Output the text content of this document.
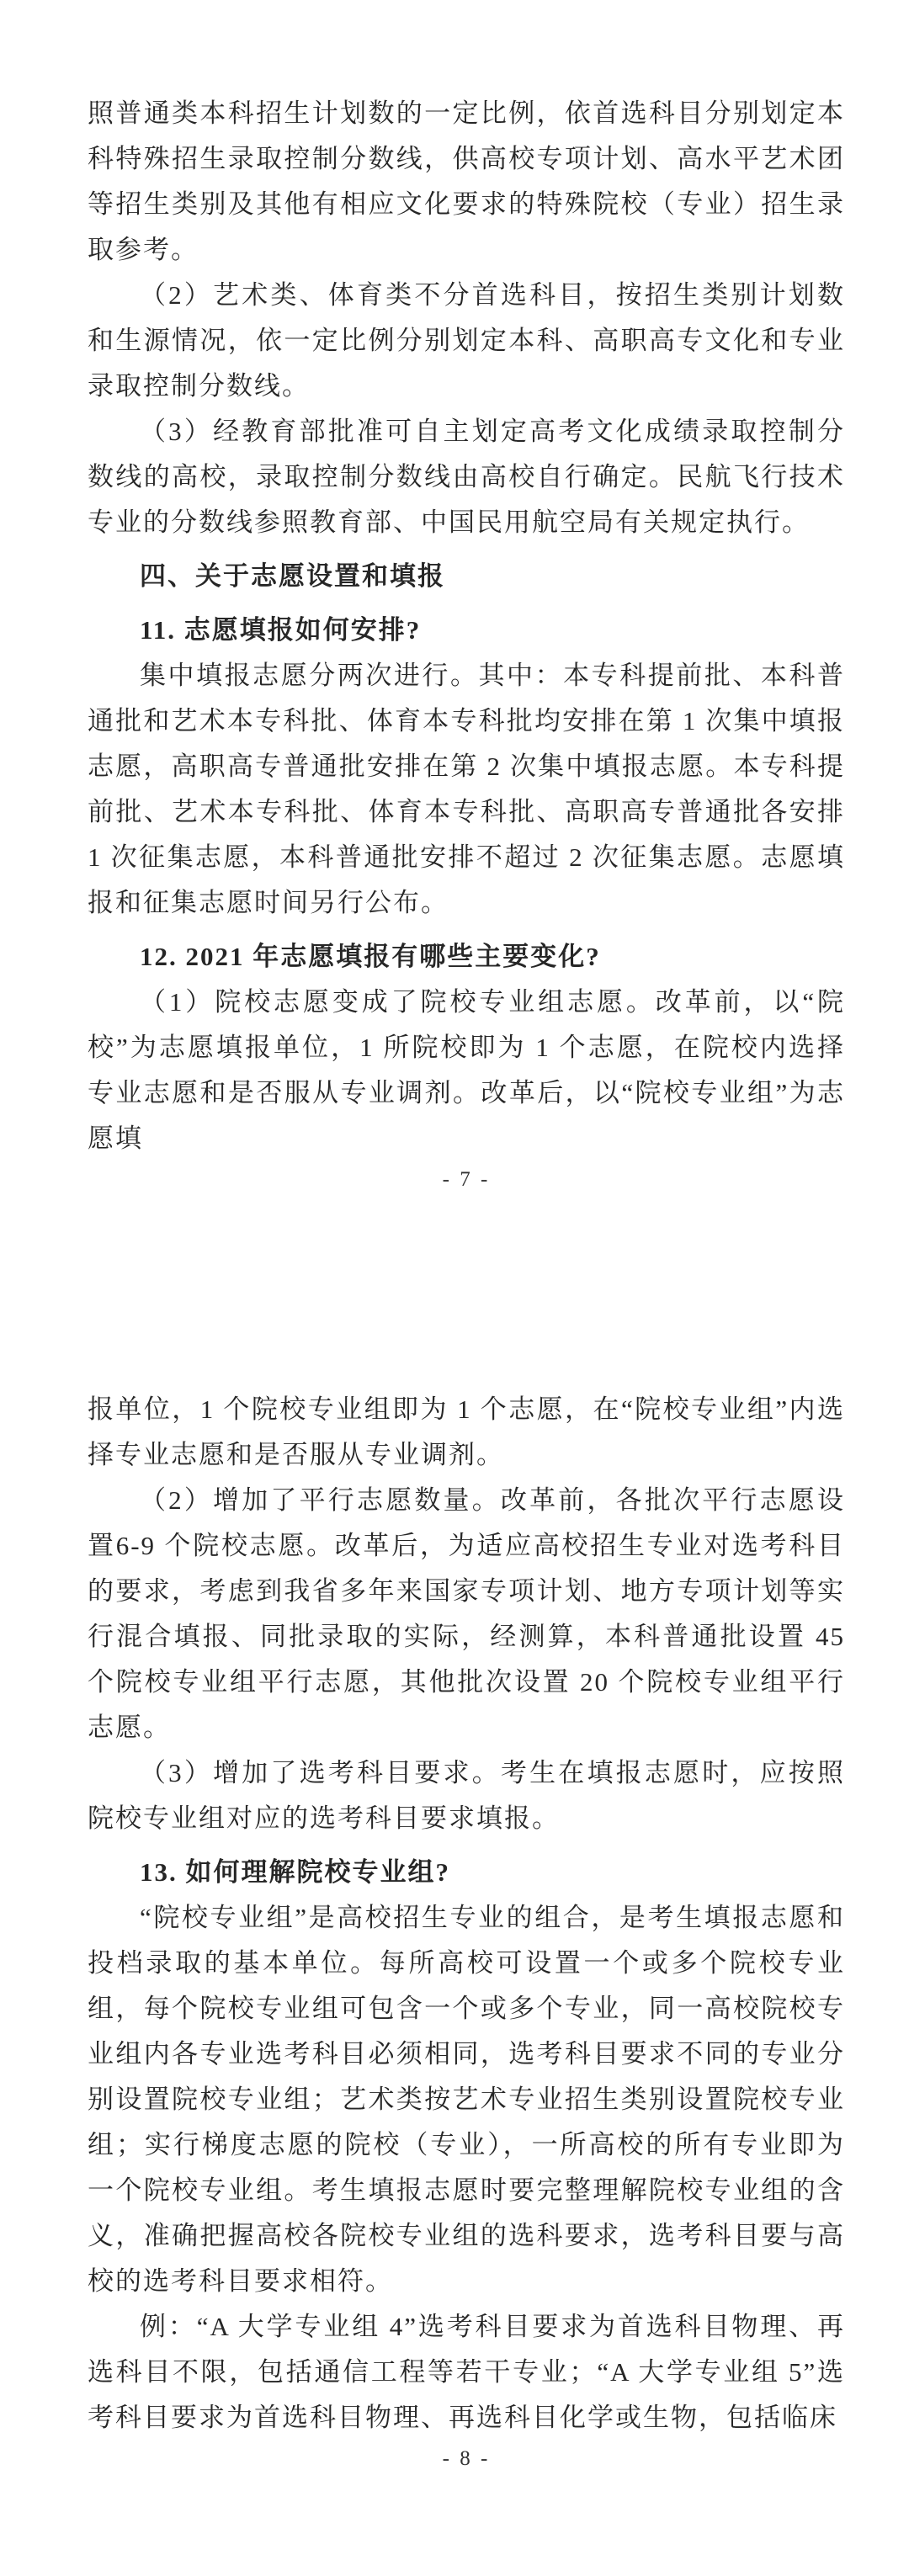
照普通类本科招生计划数的一定比例，依首选科目分别划定本科特殊招生录取控制分数线，供高校专项计划、高水平艺术团等招生类别及其他有相应文化要求的特殊院校（专业）招生录取参考。

（2）艺术类、体育类不分首选科目，按招生类别计划数和生源情况，依一定比例分别划定本科、高职高专文化和专业录取控制分数线。

（3）经教育部批准可自主划定高考文化成绩录取控制分数线的高校，录取控制分数线由高校自行确定。民航飞行技术专业的分数线参照教育部、中国民用航空局有关规定执行。

四、关于志愿设置和填报
11. 志愿填报如何安排?

集中填报志愿分两次进行。其中：本专科提前批、本科普通批和艺术本专科批、体育本专科批均安排在第 1 次集中填报志愿，高职高专普通批安排在第 2 次集中填报志愿。本专科提前批、艺术本专科批、体育本专科批、高职高专普通批各安排 1 次征集志愿，本科普通批安排不超过 2 次征集志愿。志愿填报和征集志愿时间另行公布。

12. 2021 年志愿填报有哪些主要变化?

（1）院校志愿变成了院校专业组志愿。改革前，以“院校”为志愿填报单位，1 所院校即为 1 个志愿，在院校内选择专业志愿和是否服从专业调剂。改革后，以“院校专业组”为志愿填

- 7 -

报单位，1 个院校专业组即为 1 个志愿，在“院校专业组”内选择专业志愿和是否服从专业调剂。

（2）增加了平行志愿数量。改革前，各批次平行志愿设置6-9 个院校志愿。改革后，为适应高校招生专业对选考科目的要求，考虑到我省多年来国家专项计划、地方专项计划等实行混合填报、同批录取的实际，经测算，本科普通批设置 45 个院校专业组平行志愿，其他批次设置 20 个院校专业组平行志愿。

（3）增加了选考科目要求。考生在填报志愿时，应按照院校专业组对应的选考科目要求填报。

13. 如何理解院校专业组?

“院校专业组”是高校招生专业的组合，是考生填报志愿和投档录取的基本单位。每所高校可设置一个或多个院校专业组，每个院校专业组可包含一个或多个专业，同一高校院校专业组内各专业选考科目必须相同，选考科目要求不同的专业分别设置院校专业组；艺术类按艺术专业招生类别设置院校专业组；实行梯度志愿的院校（专业），一所高校的所有专业即为一个院校专业组。考生填报志愿时要完整理解院校专业组的含义，准确把握高校各院校专业组的选科要求，选考科目要与高校的选考科目要求相符。

例：“A 大学专业组 4”选考科目要求为首选科目物理、再选科目不限，包括通信工程等若干专业；“A 大学专业组 5”选考科目要求为首选科目物理、再选科目化学或生物，包括临床

- 8 -
